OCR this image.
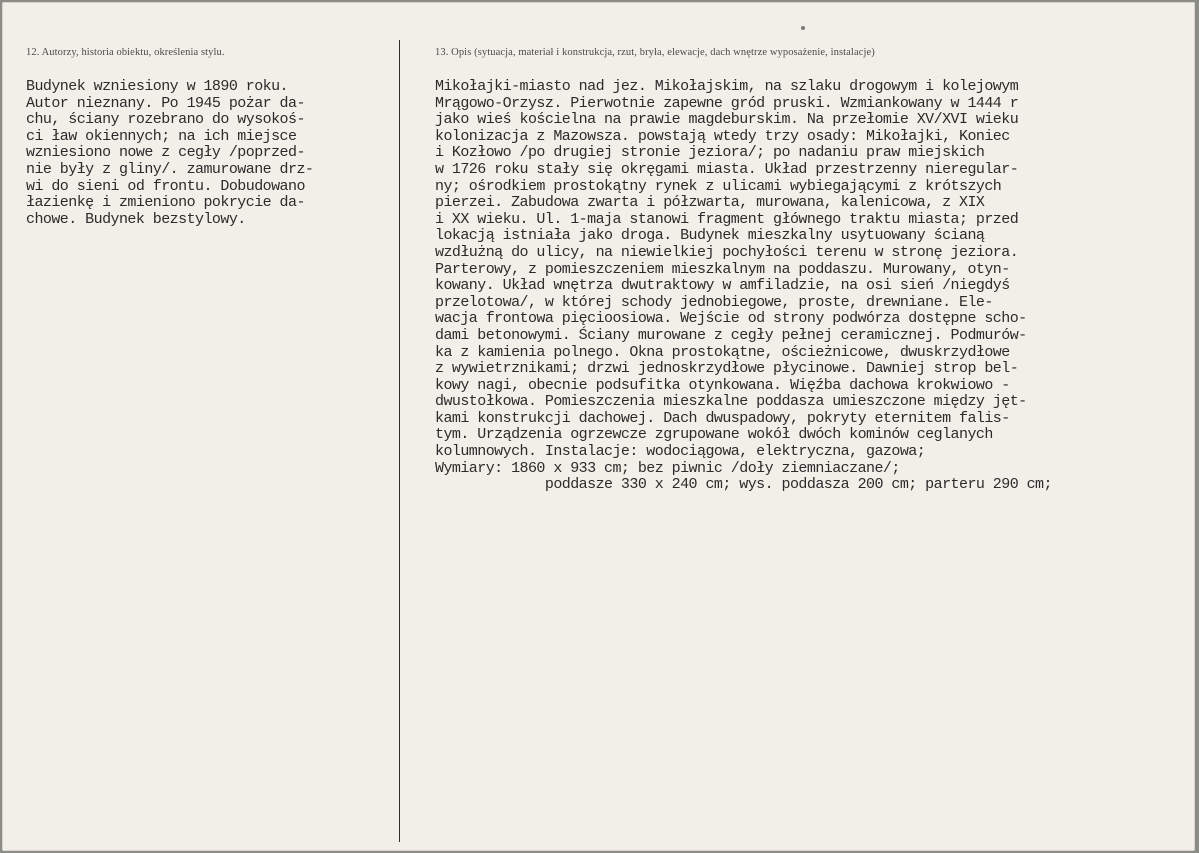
12. Autorzy, historia obiektu, określenia stylu.	13. Opis (sytuacja, materiał i konstrukcja, rzut, bryła, elewacje, dach wnętrze wyposażenie, instalacje)
Budynek wzniesiony w 1890 roku.
Autor nieznany. Po 1945 pożar da-
chu, ściany rozebrano do wysokoś-
ci ław okiennych; na ich miejsce
wzniesiono nowe z cegły /poprzed-
nie były z gliny/. zamurowane drz-
wi do sieni od frontu. Dobudowano
łazienkę i zmieniono pokrycie da-
chowe. Budynek bezstylowy.
Mikołajki-miasto nad jez. Mikołajskim, na szlaku drogowym i kolejowym
Mrągowo-Orzysz. Pierwotnie zapewne gród pruski. Wzmiankowany w 1444 r
jako wieś kościelna na prawie magdeburskim. Na przełomie XV/XVI wieku
kolonizacja z Mazowsza. powstają wtedy trzy osady: Mikołajki, Koniec
i Kozłowo /po drugiej stronie jeziora/; po nadaniu praw miejskich
w 1726 roku stały się okręgami miasta. Układ przestrzenny nieregular-
ny; ośrodkiem prostokątny rynek z ulicami wybiegającymi z krótszych
pierzei. Zabudowa zwarta i półzwarta, murowana, kalenicowa, z XIX
i XX wieku. Ul. 1-maja stanowi fragment głównego traktu miasta; przed
lokacją istniała jako droga. Budynek mieszkalny usytuowany ścianą
wzdłużną do ulicy, na niewielkiej pochyłości terenu w stronę jeziora.
Parterowy, z pomieszczeniem mieszkalnym na poddaszu. Murowany, otyn-
kowany. Układ wnętrza dwutraktowy w amfiladzie, na osi sień /niegdyś
przelotowa/, w której schody jednobiegowe, proste, drewniane. Ele-
wacja frontowa pięcioosiowa. Wejście od strony podwórza dostępne scho-
dami betonowymi. Ściany murowane z cegły pełnej ceramicznej. Podmurów-
ka z kamienia polnego. Okna prostokątne, ościeżnicowe, dwuskrzydłowe
z wywietrznikami; drzwi jednoskrzydłowe płycinowe. Dawniej strop bel-
kowy nagi, obecnie podsufitka otynkowana. Więźba dachowa krokwiowo -
dwustołkowa. Pomieszczenia mieszkalne poddasza umieszczone między jęt-
kami konstrukcji dachowej. Dach dwuspadowy, pokryty eternitem falis-
tym. Urządzenia ogrzewcze zgrupowane wokół dwóch kominów ceglanych
kolumnowych. Instalacje: wodociągowa, elektryczna, gazowa;
Wymiary: 1860 x 933 cm; bez piwnic /doły ziemniaczane/;
poddasze 330 x 240 cm; wys. poddasza 200 cm; parteru 290 cm;
